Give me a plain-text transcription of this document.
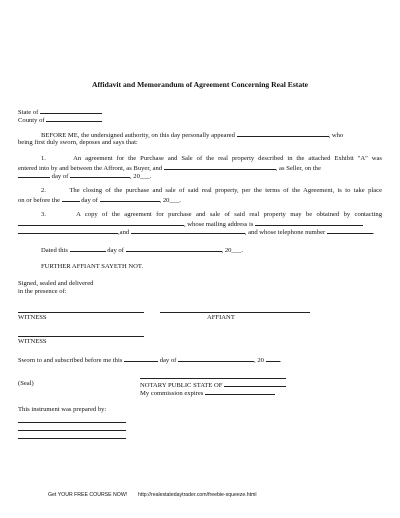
Affidavit and Memorandum of Agreement Concerning Real Estate
State of
County of
BEFORE ME, the undersigned authority, on this day personally appeared	, who
being first duly sworn, deposes and says that:
1.	An agreement for the Purchase and Sale of the real property described in the attached Exhibit "A" was
entered into by and between the Affront, as Buyer, and	, as Seller, on the
day of	, 20___.
2.	The closing of the purchase and sale of said real property, per the terms of the Agreement, is to take place
on or before the	day of	, 20___.
3.	A copy of the agreement for purchase and sale of said real property may be obtained by contacting
, whose mailing address is
,and	, and whose telephone number	.
Dated this	day of	, 20___.
FURTHER AFFIANT SAYETH NOT.
Signed, sealed and delivered
in the presence of:
WITNESS	AFFIANT
WITNESS
Sworn to and subscribed before me this	day of	, 20 .
(Seal)	NOTARY PUBLIC STATE OF
My commission expires
This instrument was prepared by:
Get YOUR FREE COURSE NOW! http://realestatedaytrader.com/freebie-squeeze.html
